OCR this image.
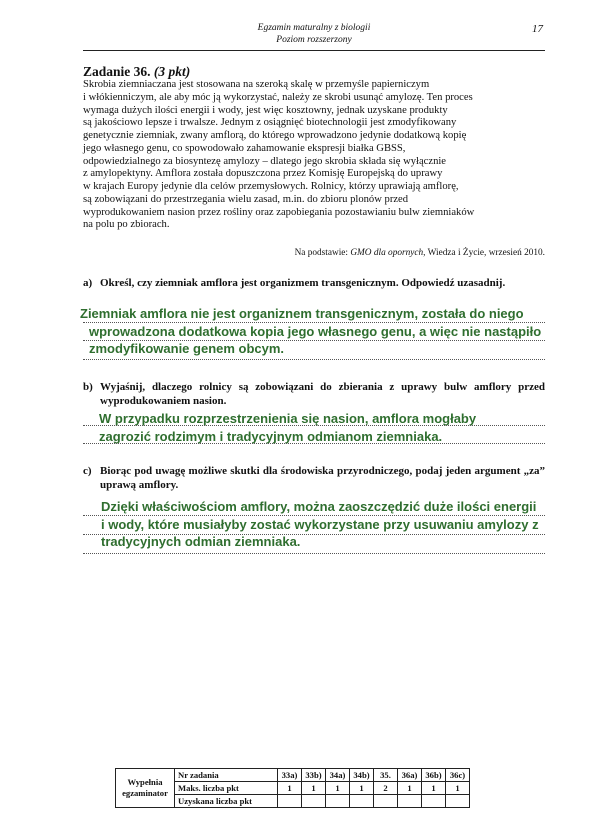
Egzamin maturalny z biologii
Poziom rozszerzony
17
Zadanie 36. (3 pkt)
Skrobia ziemniaczana jest stosowana na szeroką skalę w przemyśle papierniczym
i włókienniczym, ale aby móc ją wykorzystać, należy ze skrobi usunąć amylozę. Ten proces
wymaga dużych ilości energii i wody, jest więc kosztowny, jednak uzyskane produkty
są jakościowo lepsze i trwalsze. Jednym z osiągnięć biotechnologii jest zmodyfikowany
genetycznie ziemniak, zwany amflorą, do którego wprowadzono jedynie dodatkową kopię
jego własnego genu, co spowodowało zahamowanie ekspresji białka GBSS,
odpowiedzialnego za biosyntezę amylozy – dlatego jego skrobia składa się wyłącznie
z amylopektyny. Amflora została dopuszczona przez Komisję Europejską do uprawy
w krajach Europy jedynie dla celów przemysłowych. Rolnicy, którzy uprawiają amflorę,
są zobowiązani do przestrzegania wielu zasad, m.in. do zbioru plonów przed
wyprodukowaniem nasion przez rośliny oraz zapobiegania pozostawianiu bulw ziemniaków
na polu po zbiorach.
Na podstawie: GMO dla opornych, Wiedza i Życie, wrzesień 2010.
a) Określ, czy ziemniak amflora jest organizmem transgenicznym. Odpowiedź uzasadnij.
Ziemniak amflora nie jest organiznem transgenicznym, została do niego
wprowadzona dodatkowa kopia jego własnego genu, a więc nie nastąpiło
zmodyfikowanie genem obcym.
b) Wyjaśnij, dlaczego rolnicy są zobowiązani do zbierania z uprawy bulw amflory przed wyprodukowaniem nasion.
W przypadku rozprzestrzenienia się nasion, amflora mogłaby
zagrozić rodzimym i tradycyjnym odmianom ziemniaka.
c) Biorąc pod uwagę możliwe skutki dla środowiska przyrodniczego, podaj jeden argument „za” uprawą amflory.
Dzięki właściwościom amflory, można zaoszczędzić duże ilości energii
i wody, które musiałyby zostać wykorzystane przy usuwaniu amylozy z
tradycyjnych odmian ziemniaka.
Wypełnia egzaminator	Nr zadania	33a)	33b)	34a)	34b)	35.	36a)	36b)	36c)
	Maks. liczba pkt	1	1	1	1	2	1	1	1
	Uzyskana liczba pkt								
